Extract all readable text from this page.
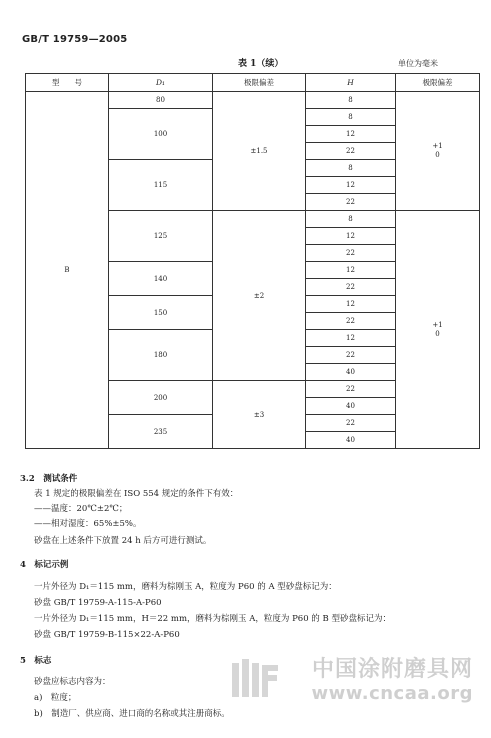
GB/T 19759—2005
表 1（续）	单位为毫米
型　　号	D₁	极限偏差	H	极限偏差
B	80	±1.5	8	+1
0
	100		8	
			12	
			22	
	115		8	
			12	
			22	
	125	±2	8	+1
0
			12	
			22	
	140		12	
			22	
	150		12	
			22	
	180		12	
			22	
			40	
	200	±3	22	
			40	
	235		22	
			40	
3.2　测试条件
表 1 规定的极限偏差在 ISO 554 规定的条件下有效：
——温度：20℃±2℃；
——相对湿度：65%±5%。
砂盘在上述条件下放置 24 h 后方可进行测试。
4　标记示例
一片外径为 D₁＝115 mm，磨料为棕刚玉 A，粒度为 P60 的 A 型砂盘标记为：
砂盘 GB/T 19759-A-115-A-P60
一片外径为 D₁＝115 mm，H＝22 mm，磨料为棕刚玉 A，粒度为 P60 的 B 型砂盘标记为：
砂盘 GB/T 19759-B-115×22-A-P60
5　标志
砂盘应标志内容为：
a)　粒度；
b)　制造厂、供应商、进口商的名称或其注册商标。
中国涂附磨具网
www.cncaa.org
